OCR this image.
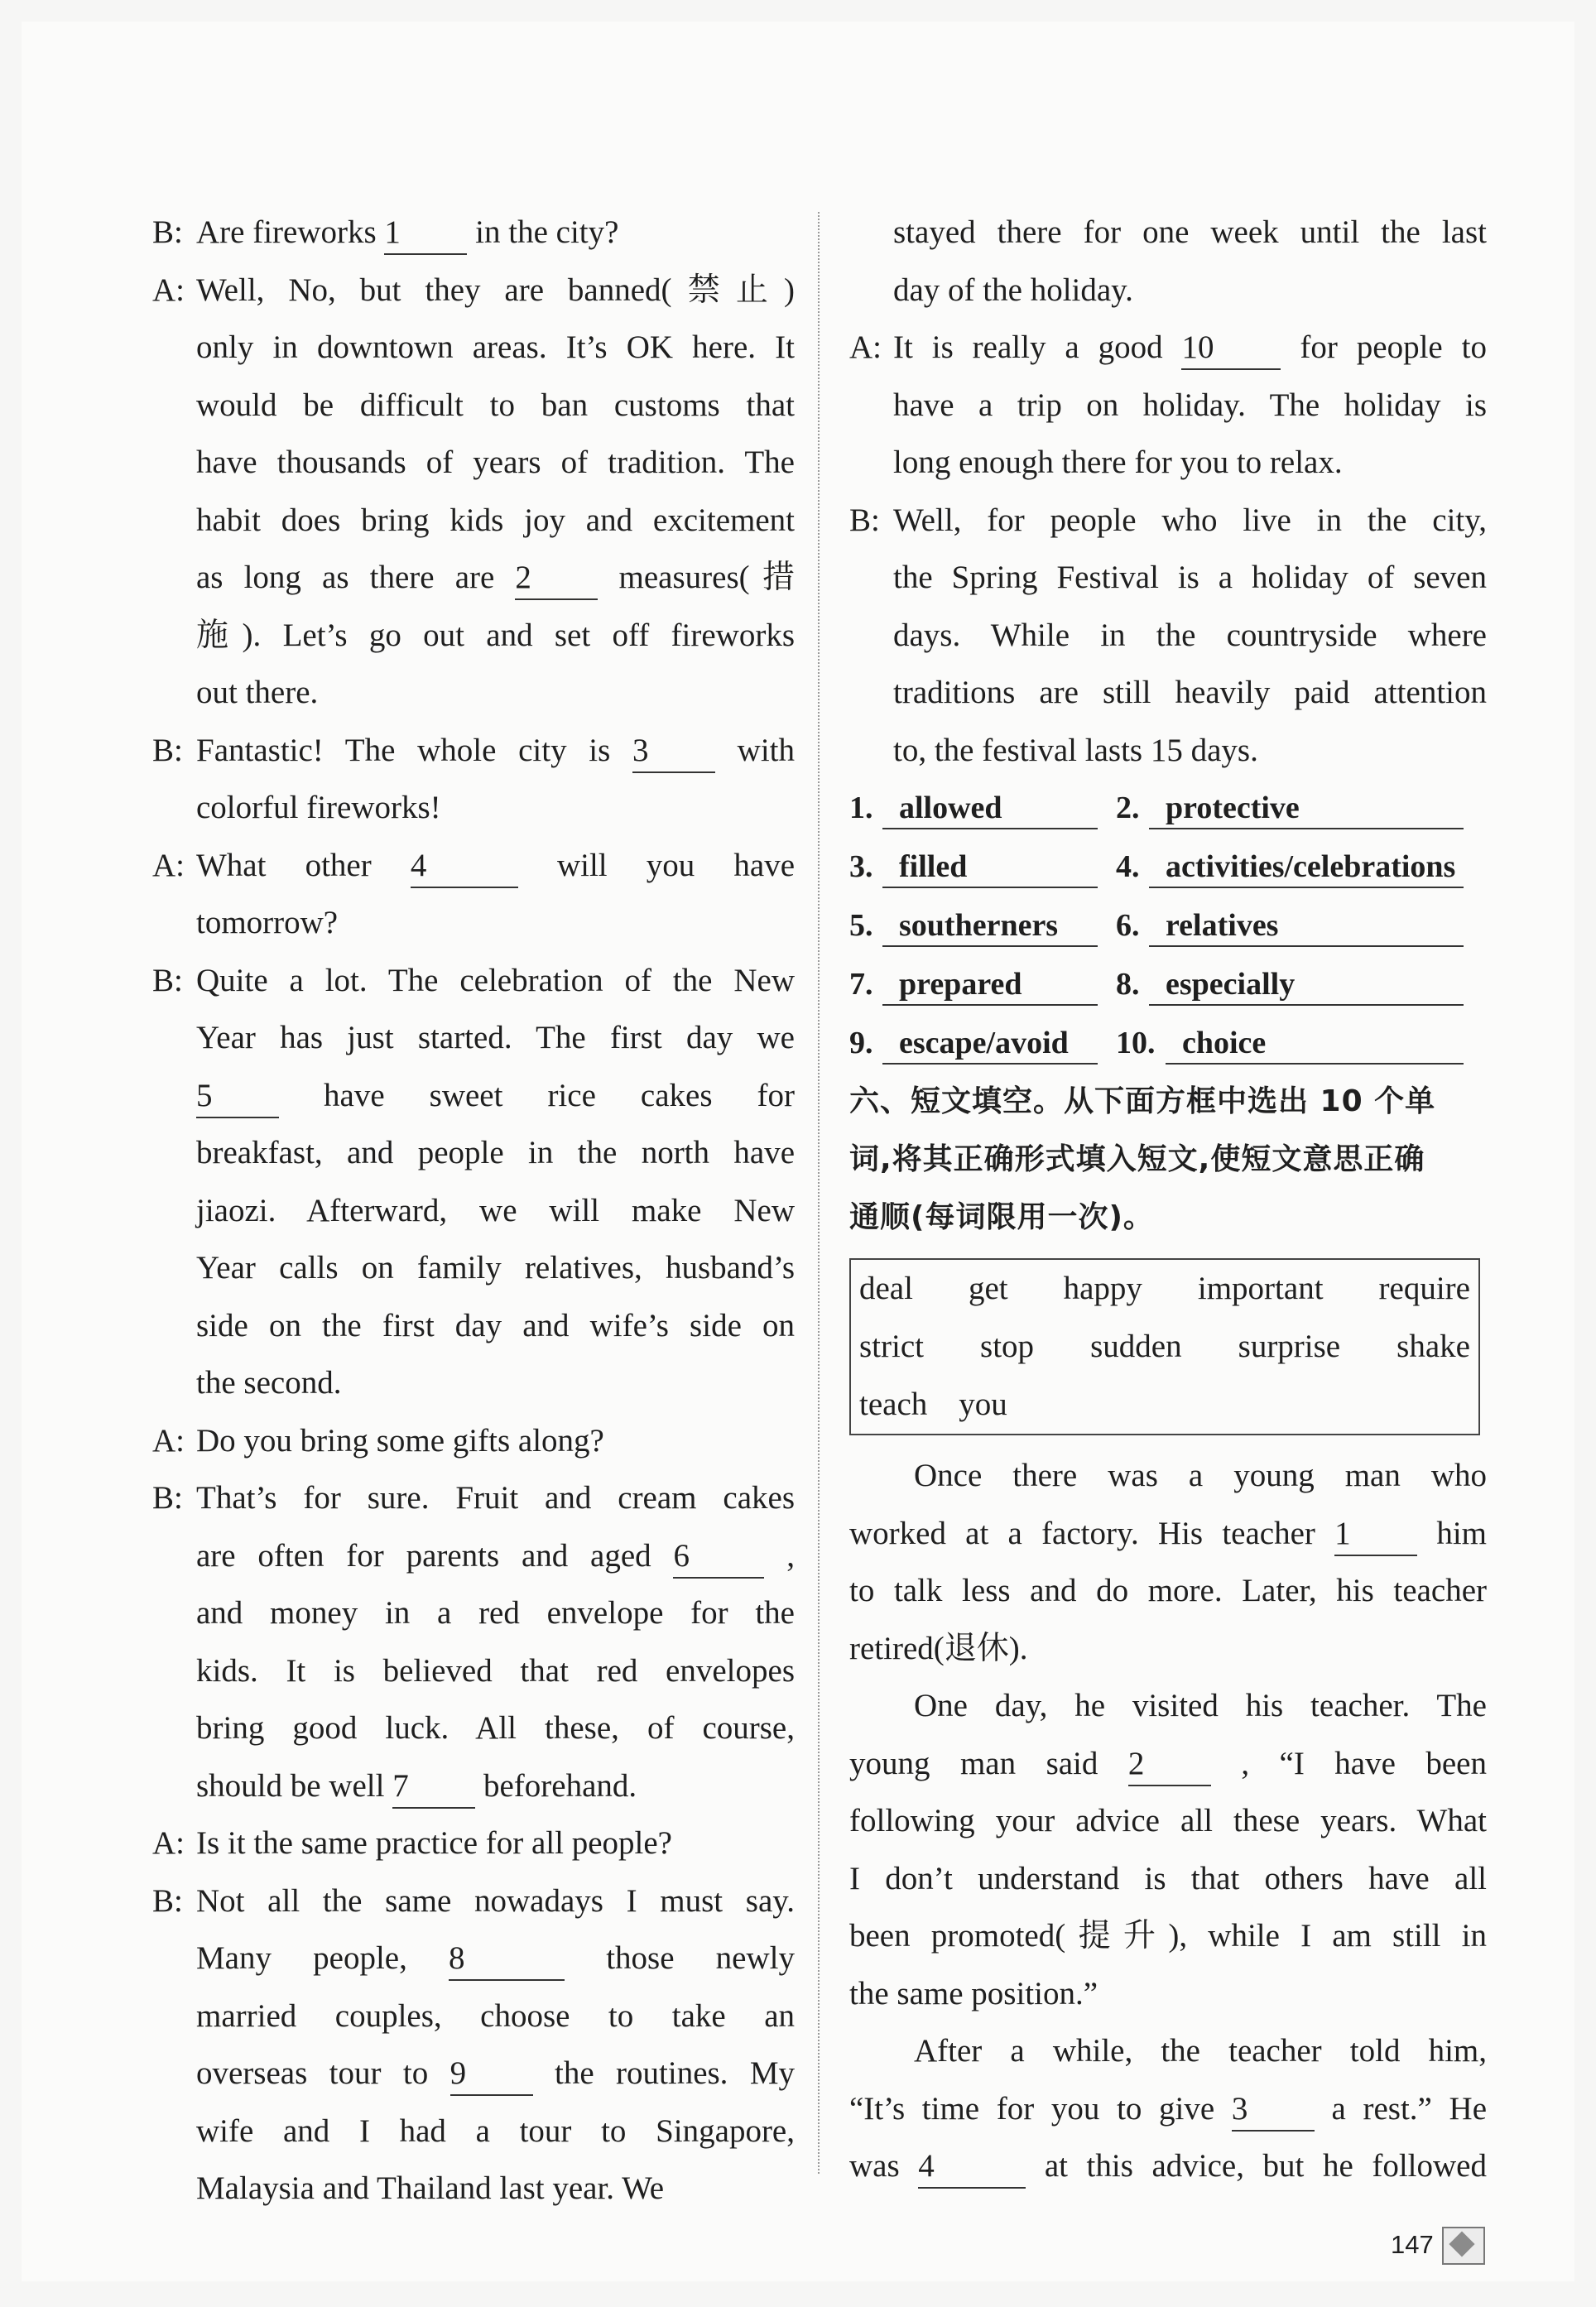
B: Are fireworks 1 in the city?
A: Well, No, but they are banned(禁止)
only in downtown areas. It’s OK here. It
would be difficult to ban customs that
have thousands of years of tradition. The
habit does bring kids joy and excitement
as long as there are 2 measures(措
施). Let’s go out and set off fireworks
out there.
B: Fantastic! The whole city is 3 with
colorful fireworks!
A: What other 4	will you have
tomorrow?
B: Quite a lot. The celebration of the New
Year has just started. The first day we
5 have sweet rice cakes for
breakfast, and people in the north have
jiaozi. Afterward, we will make New
Year calls on family relatives, husband’s
side on the first day and wife’s side on
the second.
A: Do you bring some gifts along?
B: That’s for sure. Fruit and cream cakes
are often for parents and aged 6 ,
and money in a red envelope for the
kids. It is believed that red envelopes
bring good luck. All these, of course,
should be well 7 beforehand.
A: Is it the same practice for all people?
B: Not all the same nowadays I must say.
Many people, 8	those newly
married couples, choose to take an
overseas tour to 9 the routines. My
wife and I had a tour to Singapore,
Malaysia and Thailand last year. We
stayed there for one week until the last
day of the holiday.
A: It is really a good 10 for people to
have a trip on holiday. The holiday is
long enough there for you to relax.
B: Well, for people who live in the city,
the Spring Festival is a holiday of seven
days. While in the countryside where
traditions are still heavily paid attention
to, the festival lasts 15 days.
1. allowed	2. protective
3. filled	4. activities/celebrations
5. southerners	6. relatives
7. prepared	8. especially
9. escape/avoid	10. choice
六、短文填空。从下面方框中选出 10 个单
词,将其正确形式填入短文,使短文意思正确
通顺(每词限用一次)。
deal get happy important require
strict stop sudden surprise shake
teach you
Once there was a young man who
worked at a factory. His teacher 1 him
to talk less and do more. Later, his teacher
retired(退休).
One day, he visited his teacher. The
young man said 2 , “I have been
following your advice all these years. What
I don’t understand is that others have all
been promoted(提升), while I am still in
the same position.”
After a while, the teacher told him,
“It’s time for you to give 3 a rest.” He
was 4	at this advice, but he followed
147
